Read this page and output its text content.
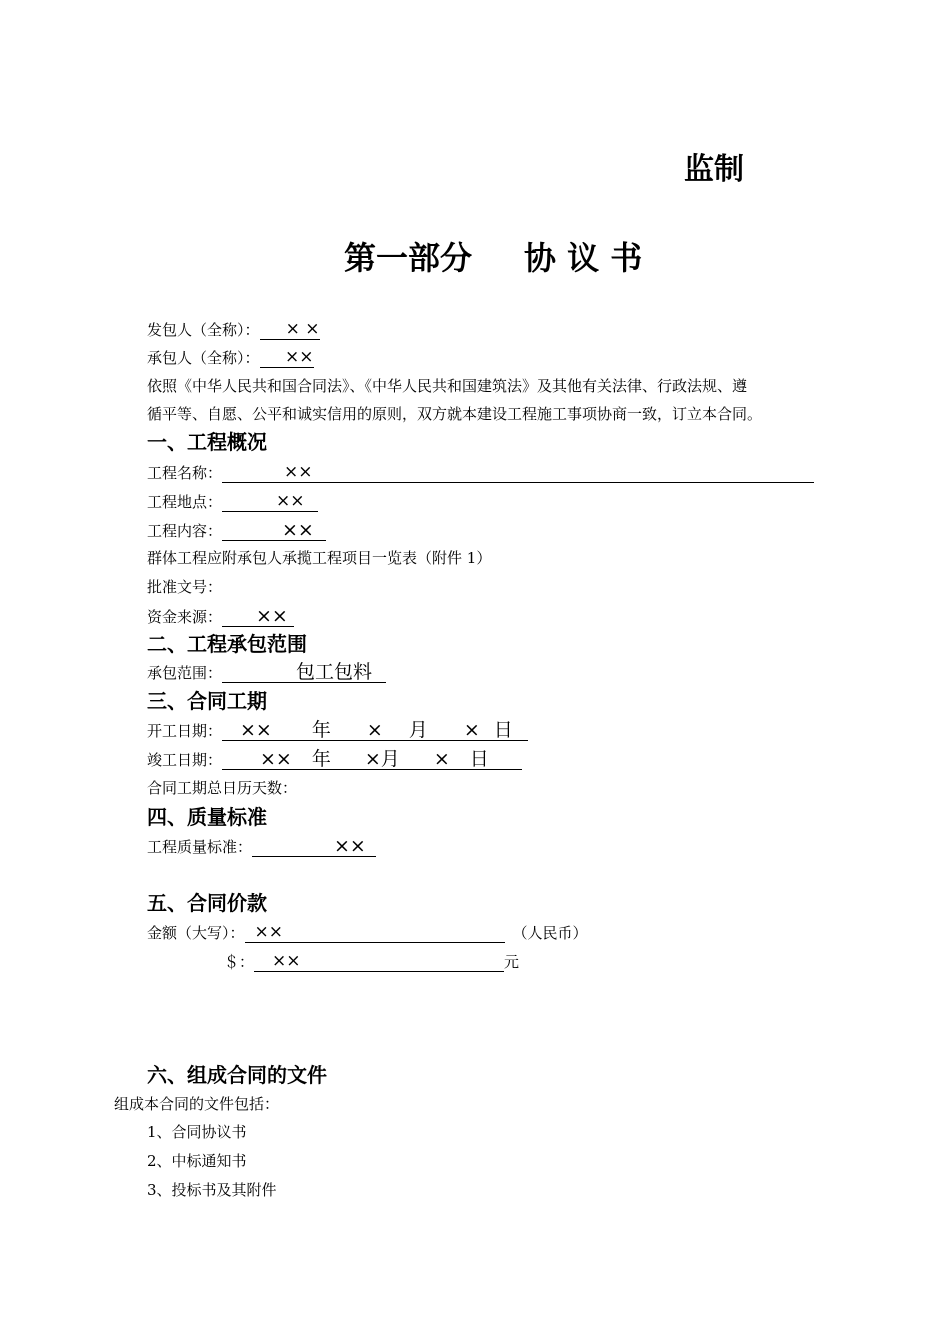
监制
第一部分 协 议 书
发包人（全称）： × ×
承包人（全称）： ××
依照《中华人民共和国合同法》、《中华人民共和国建筑法》及其他有关法律、行政法规、遵
循平等、自愿、公平和诚实信用的原则，双方就本建设工程施工事项协商一致，订立本合同。
一、工程概况
工程名称：	××
工程地点：	××
工程内容：	××
群体工程应附承包人承揽工程项目一览表（附件 1）
批准文号：
资金来源： ××
二、工程承包范围
承包范围：	包工包料
三、合同工期
开工日期： ×× 年 × 月 × 日
竣工日期： ×× 年 ×月 × 日
合同工期总日历天数：
四、质量标准
工程质量标准：	××
五、合同价款
金额（大写）： ××	（人民币）
＄： ××	元
六、组成合同的文件
组成本合同的文件包括：
1、合同协议书
2、中标通知书
3、投标书及其附件
